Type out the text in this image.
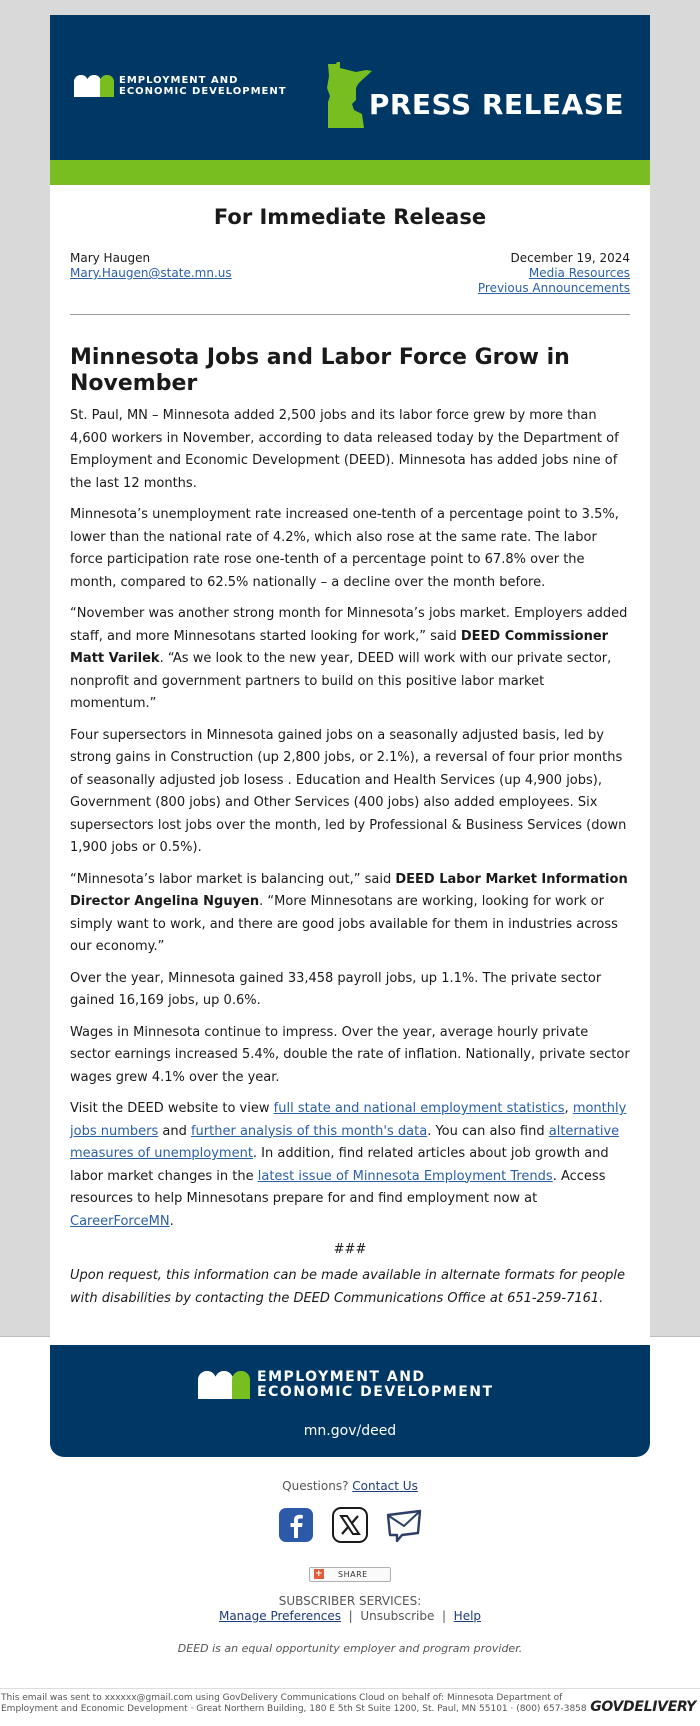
EMPLOYMENT AND
ECONOMIC DEVELOPMENT	PRESS RELEASE
For Immediate Release
Mary Haugen
Mary.Haugen@state.mn.us
December 19, 2024
Media Resources
Previous Announcements
Minnesota Jobs and Labor Force Grow in November

St. Paul, MN – Minnesota added 2,500 jobs and its labor force grew by more than 4,600 workers in November, according to data released today by the Department of Employment and Economic Development (DEED). Minnesota has added jobs nine of the last 12 months.

Minnesota’s unemployment rate increased one-tenth of a percentage point to 3.5%, lower than the national rate of 4.2%, which also rose at the same rate. The labor force participation rate rose one-tenth of a percentage point to 67.8% over the month, compared to 62.5% nationally – a decline over the month before.

“November was another strong month for Minnesota’s jobs market. Employers added staff, and more Minnesotans started looking for work,” said DEED Commissioner Matt Varilek. “As we look to the new year, DEED will work with our private sector, nonprofit and government partners to build on this positive labor market momentum.”

Four supersectors in Minnesota gained jobs on a seasonally adjusted basis, led by strong gains in Construction (up 2,800 jobs, or 2.1%), a reversal of four prior months of seasonally adjusted job losess . Education and Health Services (up 4,900 jobs), Government (800 jobs) and Other Services (400 jobs) also added employees. Six supersectors lost jobs over the month, led by Professional & Business Services (down 1,900 jobs or 0.5%).

“Minnesota’s labor market is balancing out,” said DEED Labor Market Information Director Angelina Nguyen. “More Minnesotans are working, looking for work or simply want to work, and there are good jobs available for them in industries across our economy.”

Over the year, Minnesota gained 33,458 payroll jobs, up 1.1%. The private sector gained 16,169 jobs, up 0.6%.

Wages in Minnesota continue to impress. Over the year, average hourly private sector earnings increased 5.4%, double the rate of inflation. Nationally, private sector wages grew 4.1% over the year.

Visit the DEED website to view full state and national employment statistics, monthly jobs numbers and further analysis of this month's data. You can also find alternative measures of unemployment. In addition, find related articles about job growth and labor market changes in the latest issue of Minnesota Employment Trends. Access resources to help Minnesotans prepare for and find employment now at CareerForceMN.

###

Upon request, this information can be made available in alternate formats for people with disabilities by contacting the DEED Communications Office at 651-259-7161.

EMPLOYMENT AND
ECONOMIC DEVELOPMENT
mn.gov/deed
Questions? Contact Us
+ SHARE
SUBSCRIBER SERVICES:
Manage Preferences | Unsubscribe | Help
DEED is an equal opportunity employer and program provider.
This email was sent to xxxxxx@gmail.com using GovDelivery Communications Cloud on behalf of: Minnesota Department of
Employment and Economic Development · Great Northern Building, 180 E 5th St Suite 1200, St. Paul, MN 55101 · (800) 657-3858 GOVDELIVERY
